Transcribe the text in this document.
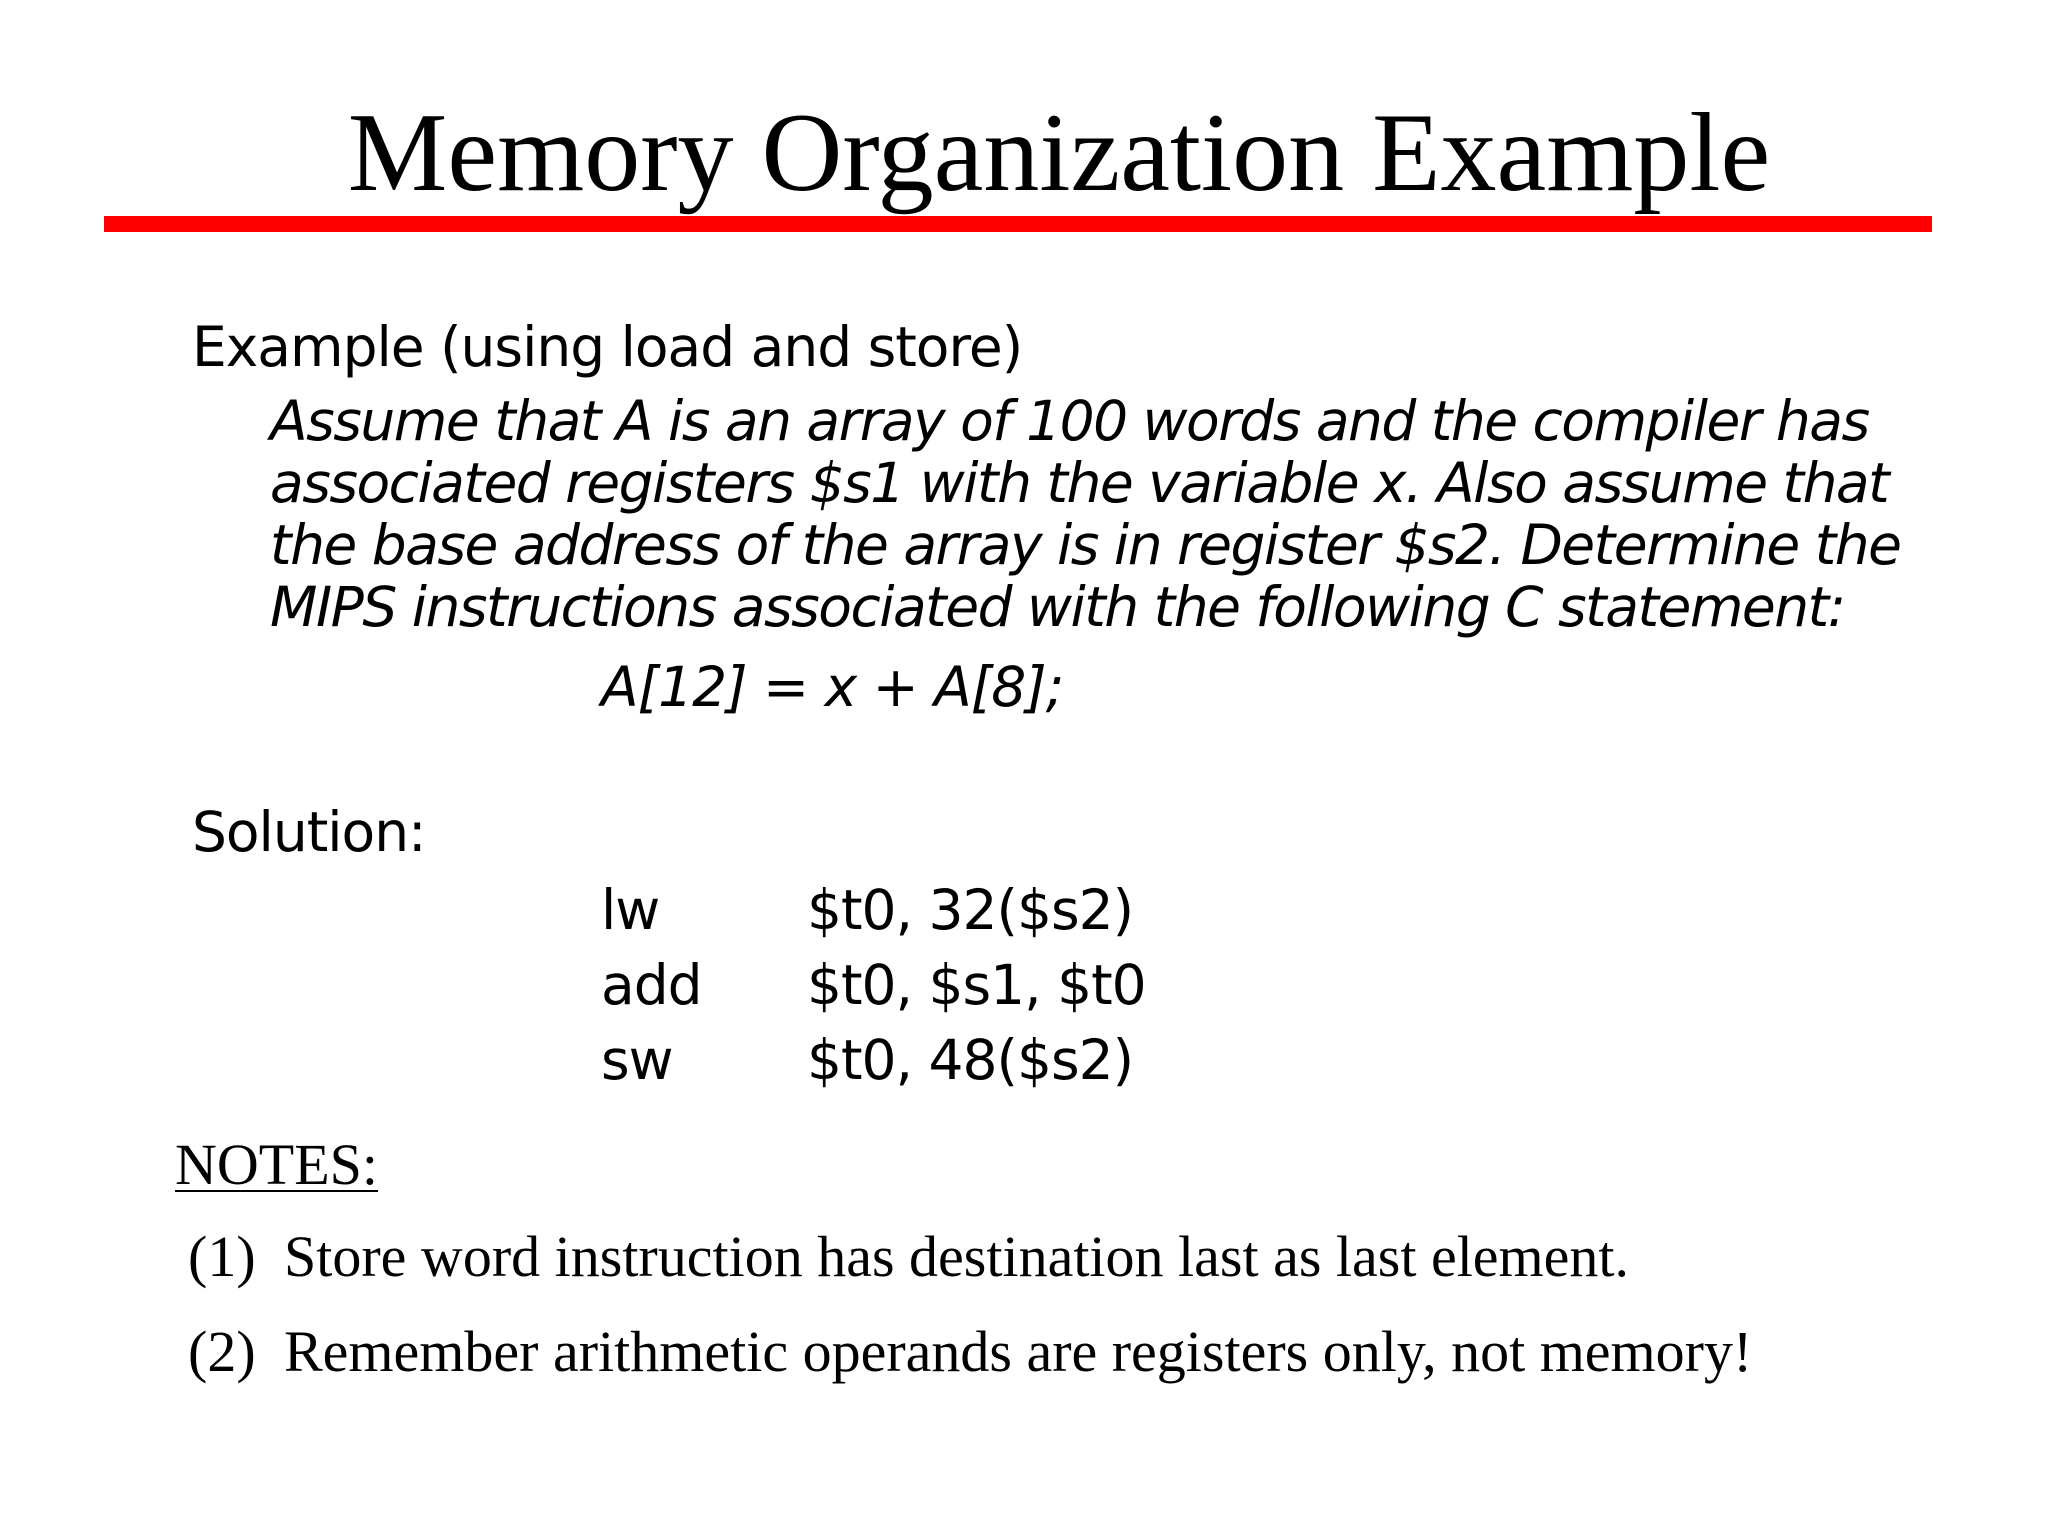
Memory Organization Example

Example (using load and store)

Assume that A is an array of 100 words and the compiler has
associated registers $s1 with the variable x. Also assume that
the base address of the array is in register $s2. Determine the
MIPS instructions associated with the following C statement:

A[12] = x + A[8];

Solution:

lw	$t0, 32($s2)
add	$t0, $s1, $t0
sw	$t0, 48($s2)

NOTES:

(1) Store word instruction has destination last as last element.
(2) Remember arithmetic operands are registers only, not memory!
